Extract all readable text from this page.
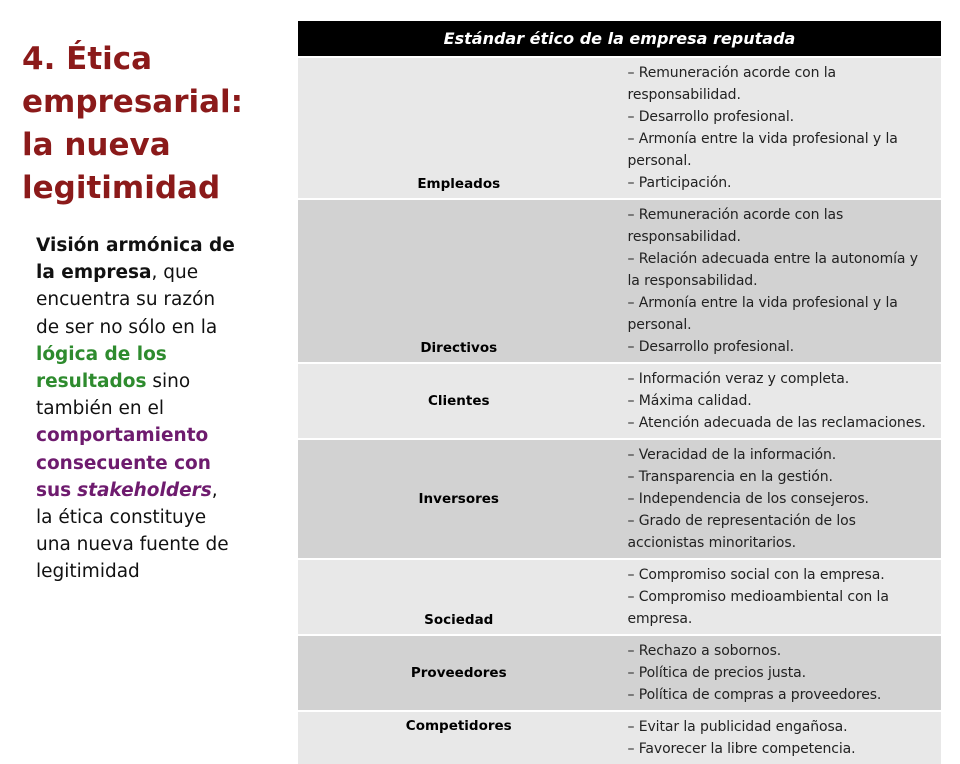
4. Ética
empresarial:
la nueva
legitimidad
Visión armónica de la empresa, que encuentra su razón de ser no sólo en la lógica de los resultados sino también en el comportamiento consecuente con sus stakeholders, la ética constituye una nueva fuente de legitimidad
Estándar ético de la empresa reputada	
Empleados	– Remuneración acorde con la responsabilidad.
– Desarrollo profesional.
– Armonía entre la vida profesional y la personal.
– Participación.

Directivos	– Remuneración acorde con las responsabilidad.
– Relación adecuada entre la autonomía y la responsabilidad.
– Armonía entre la vida profesional y la personal.
– Desarrollo profesional.

Clientes	– Información veraz y completa.
– Máxima calidad.
– Atención adecuada de las reclamaciones.

Inversores	– Veracidad de la información.
– Transparencia en la gestión.
– Independencia de los consejeros.
– Grado de representación de los accionistas minoritarios.

Sociedad	– Compromiso social con la empresa.
– Compromiso medioambiental con la empresa.

Proveedores	– Rechazo a sobornos.
– Política de precios justa.
– Política de compras a proveedores.

Competidores	– Evitar la publicidad engañosa.
– Favorecer la libre competencia.
